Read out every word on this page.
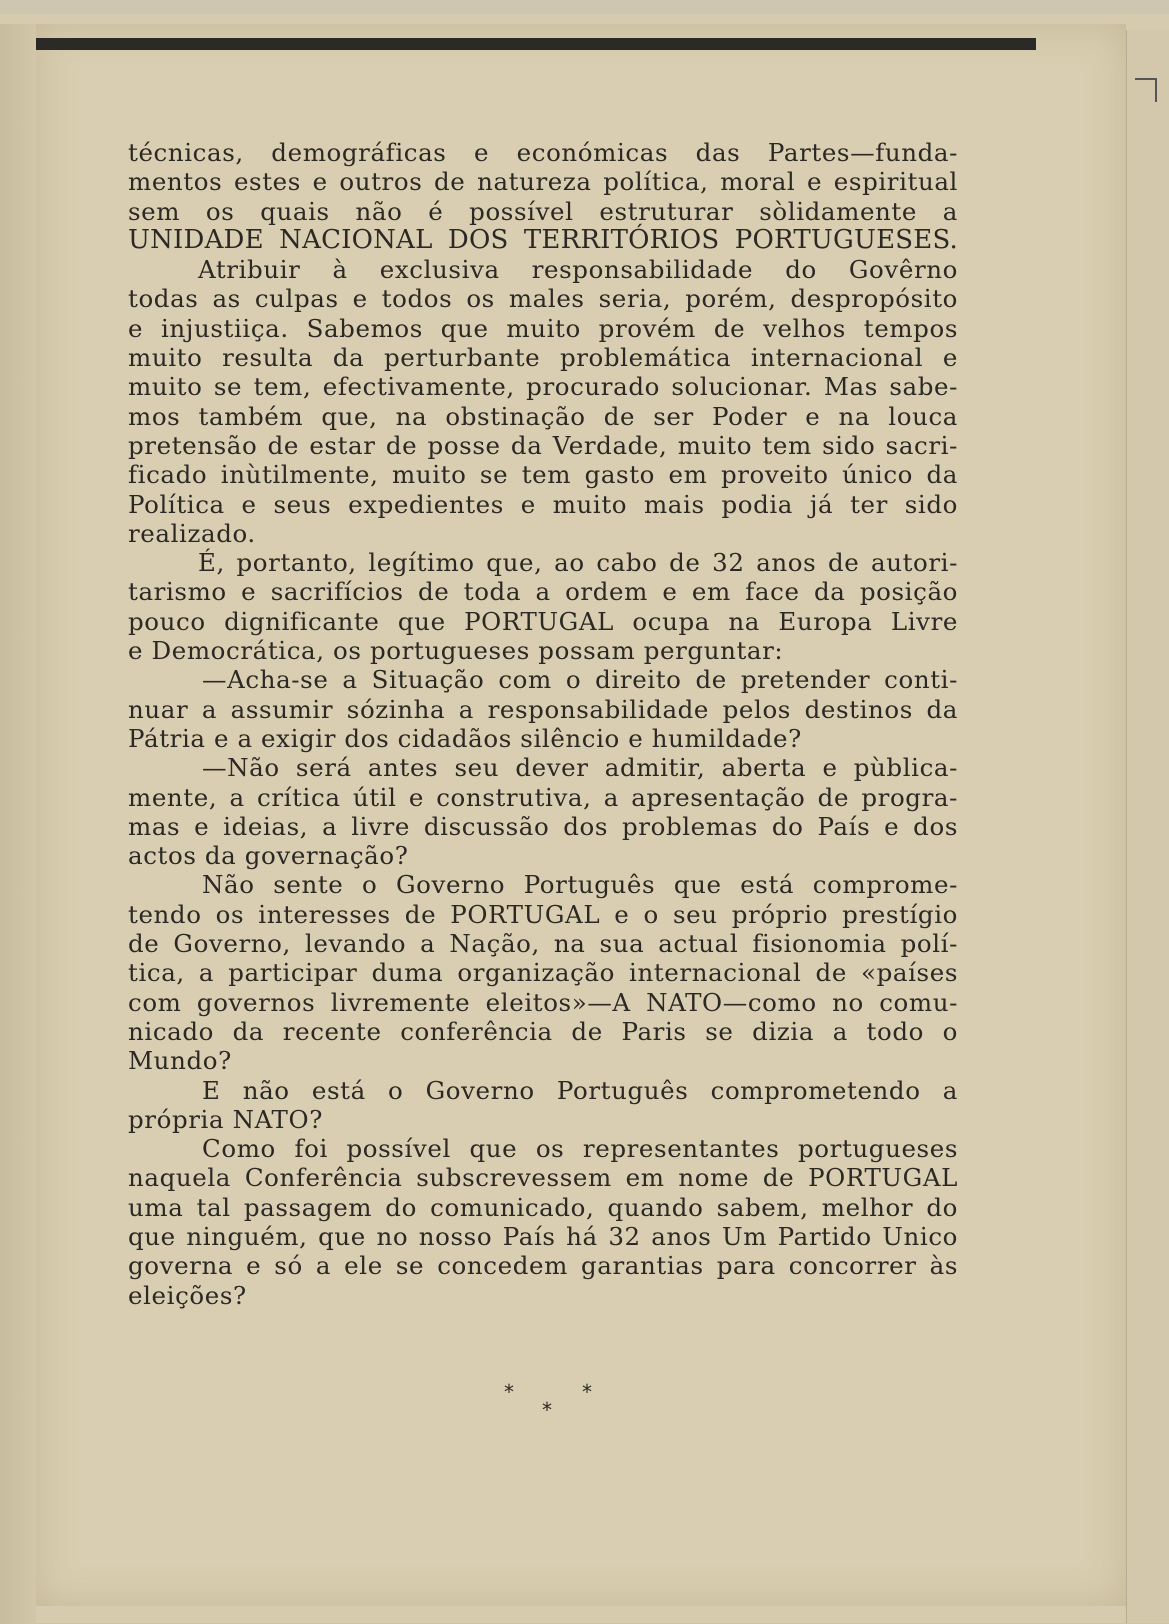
técnicas, demográficas e económicas das Partes—funda-
mentos estes e outros de natureza política, moral e espiritual
sem os quais não é possível estruturar sòlidamente a
UNIDADE NACIONAL DOS TERRITÓRIOS PORTUGUESES.
Atribuir à exclusiva responsabilidade do Govêrno
todas as culpas e todos os males seria, porém, despropósito
e injustiiça. Sabemos que muito provém de velhos tempos
muito resulta da perturbante problemática internacional e
muito se tem, efectivamente, procurado solucionar. Mas sabe-
mos também que, na obstinação de ser Poder e na louca
pretensão de estar de posse da Verdade, muito tem sido sacri-
ficado inùtilmente, muito se tem gasto em proveito único da
Política e seus expedientes e muito mais podia já ter sido
realizado.
É, portanto, legítimo que, ao cabo de 32 anos de autori-
tarismo e sacrifícios de toda a ordem e em face da posição
pouco dignificante que PORTUGAL ocupa na Europa Livre
e Democrática, os portugueses possam perguntar:
—Acha-se a Situação com o direito de pretender conti-
nuar a assumir sózinha a responsabilidade pelos destinos da
Pátria e a exigir dos cidadãos silêncio e humildade?
—Não será antes seu dever admitir, aberta e pùblica-
mente, a crítica útil e construtiva, a apresentação de progra-
mas e ideias, a livre discussão dos problemas do País e dos
actos da governação?
Não sente o Governo Português que está comprome-
tendo os interesses de PORTUGAL e o seu próprio prestígio
de Governo, levando a Nação, na sua actual fisionomia polí-
tica, a participar duma organização internacional de «países
com governos livremente eleitos»—A NATO—como no comu-
nicado da recente conferência de Paris se dizia a todo o
Mundo?
E não está o Governo Português comprometendo a
própria NATO?
Como foi possível que os representantes portugueses
naquela Conferência subscrevessem em nome de PORTUGAL
uma tal passagem do comunicado, quando sabem, melhor do
que ninguém, que no nosso País há 32 anos Um Partido Unico
governa e só a ele se concedem garantias para concorrer às
eleições?
*	*
*
